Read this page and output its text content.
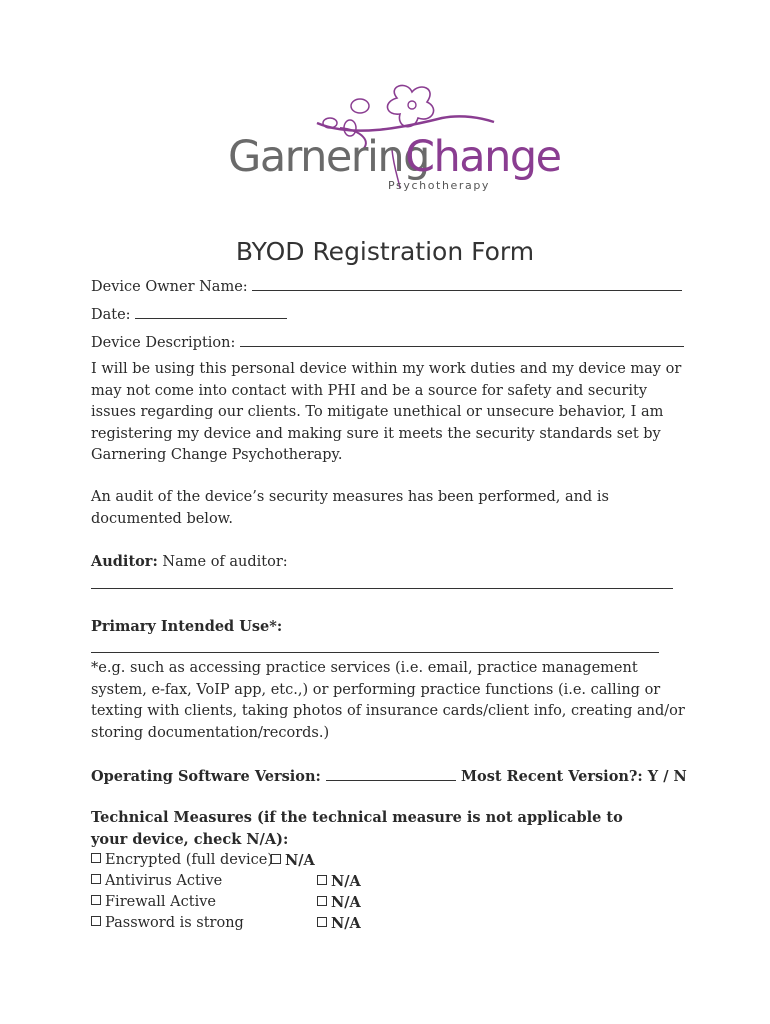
Garnering
Change
Psychotherapy
BYOD Registration Form
Device Owner Name:
Date:
Device Description:
I will be using this personal device within my work duties and my device may or may not come into contact with PHI and be a source for safety and security issues regarding our clients. To mitigate unethical or unsecure behavior, I am registering my device and making sure it meets the security standards set by Garnering Change Psychotherapy.
An audit of the device’s security measures has been performed, and is documented below.
Auditor: Name of auditor:
Primary Intended Use*:
*e.g. such as accessing practice services (i.e. email, practice management system, e-fax, VoIP app, etc.,) or performing practice functions (i.e. calling or texting with clients, taking photos of insurance cards/client info, creating and/or storing documentation/records.)
Operating Software Version:	Most Recent Version?: Y / N
Technical Measures (if the technical measure is not applicable to your device, check N/A):
Encrypted (full device) N/A
Antivirus Active	N/A
Firewall Active	N/A
Password is strong	N/A
